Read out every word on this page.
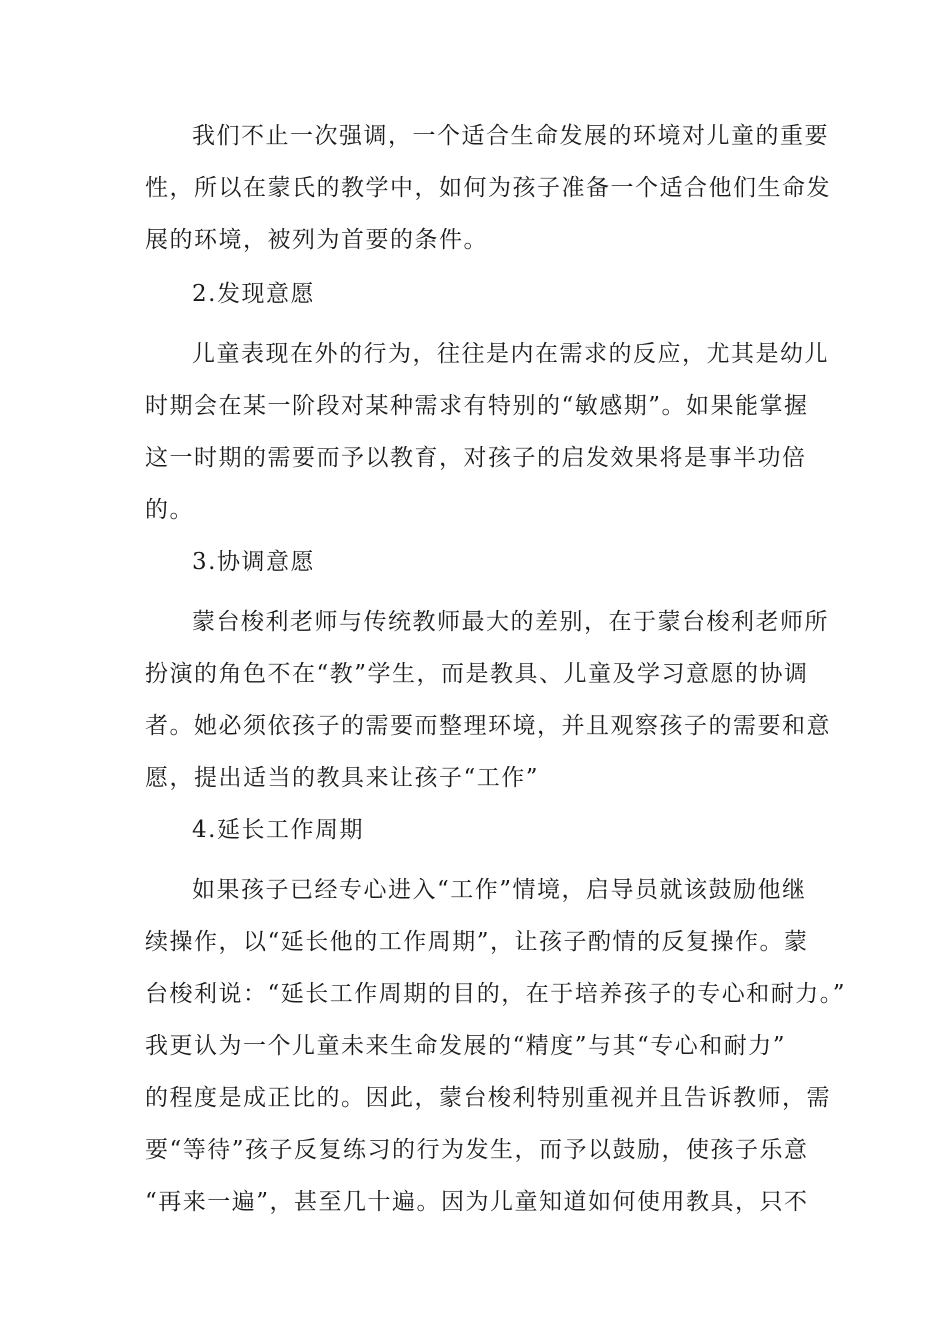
我们不止一次强调，一个适合生命发展的环境对儿童的重要
性，所以在蒙氏的教学中，如何为孩子准备一个适合他们生命发
展的环境，被列为首要的条件。
2.发现意愿
儿童表现在外的行为，往往是内在需求的反应，尤其是幼儿
时期会在某一阶段对某种需求有特别的“敏感期”。如果能掌握
这一时期的需要而予以教育，对孩子的启发效果将是事半功倍
的。
3.协调意愿
蒙台梭利老师与传统教师最大的差别，在于蒙台梭利老师所
扮演的角色不在“教”学生，而是教具、儿童及学习意愿的协调
者。她必须依孩子的需要而整理环境，并且观察孩子的需要和意
愿，提出适当的教具来让孩子“工作”
4.延长工作周期
如果孩子已经专心进入“工作”情境，启导员就该鼓励他继
续操作，以“延长他的工作周期”，让孩子酌情的反复操作。蒙
台梭利说：“延长工作周期的目的，在于培养孩子的专心和耐力。”
我更认为一个儿童未来生命发展的“精度”与其“专心和耐力”
的程度是成正比的。因此，蒙台梭利特别重视并且告诉教师，需
要“等待”孩子反复练习的行为发生，而予以鼓励，使孩子乐意
“再来一遍”，甚至几十遍。因为儿童知道如何使用教具，只不
